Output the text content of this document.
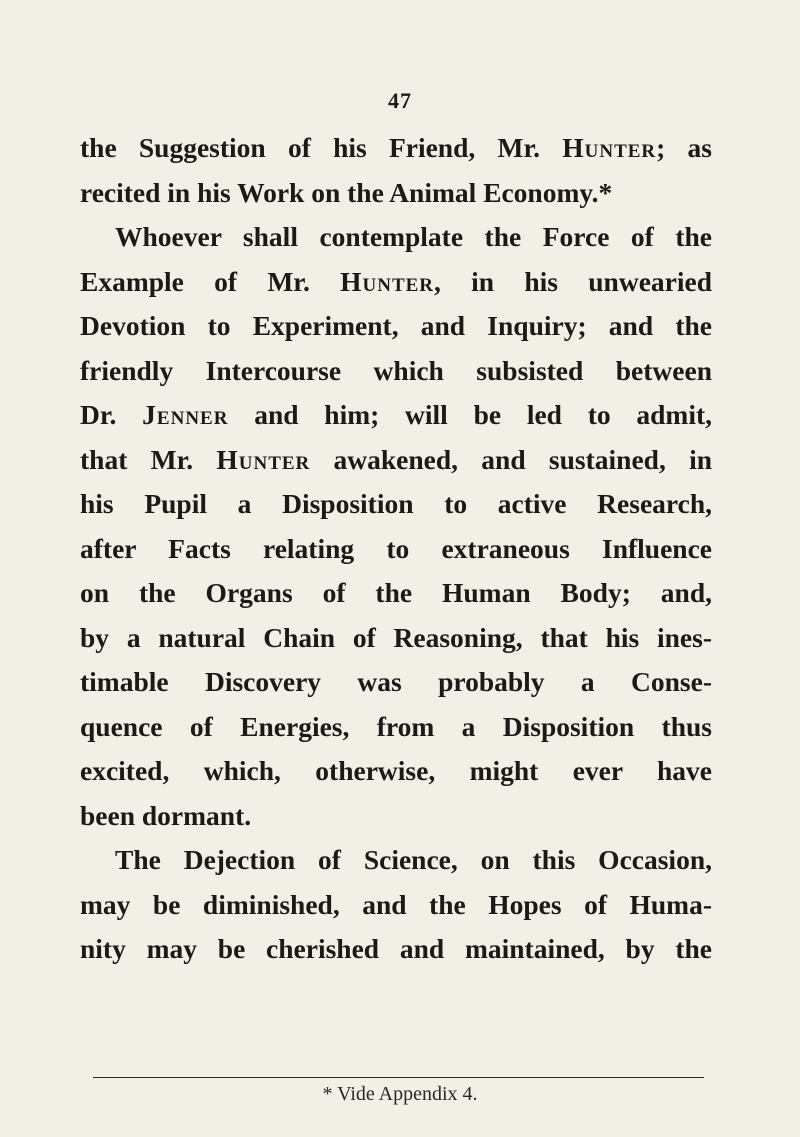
47
the Suggestion of his Friend, Mr. Hunter; as
recited in his Work on the Animal Economy.*
Whoever shall contemplate the Force of the
Example of Mr. Hunter, in his unwearied
Devotion to Experiment, and Inquiry; and the
friendly Intercourse which subsisted between
Dr. Jenner and him; will be led to admit,
that Mr. Hunter awakened, and sustained, in
his Pupil a Disposition to active Research,
after Facts relating to extraneous Influence
on the Organs of the Human Body; and,
by a natural Chain of Reasoning, that his ines-
timable Discovery was probably a Conse-
quence of Energies, from a Disposition thus
excited, which, otherwise, might ever have
been dormant.
The Dejection of Science, on this Occasion,
may be diminished, and the Hopes of Huma-
nity may be cherished and maintained, by the
* Vide Appendix 4.
